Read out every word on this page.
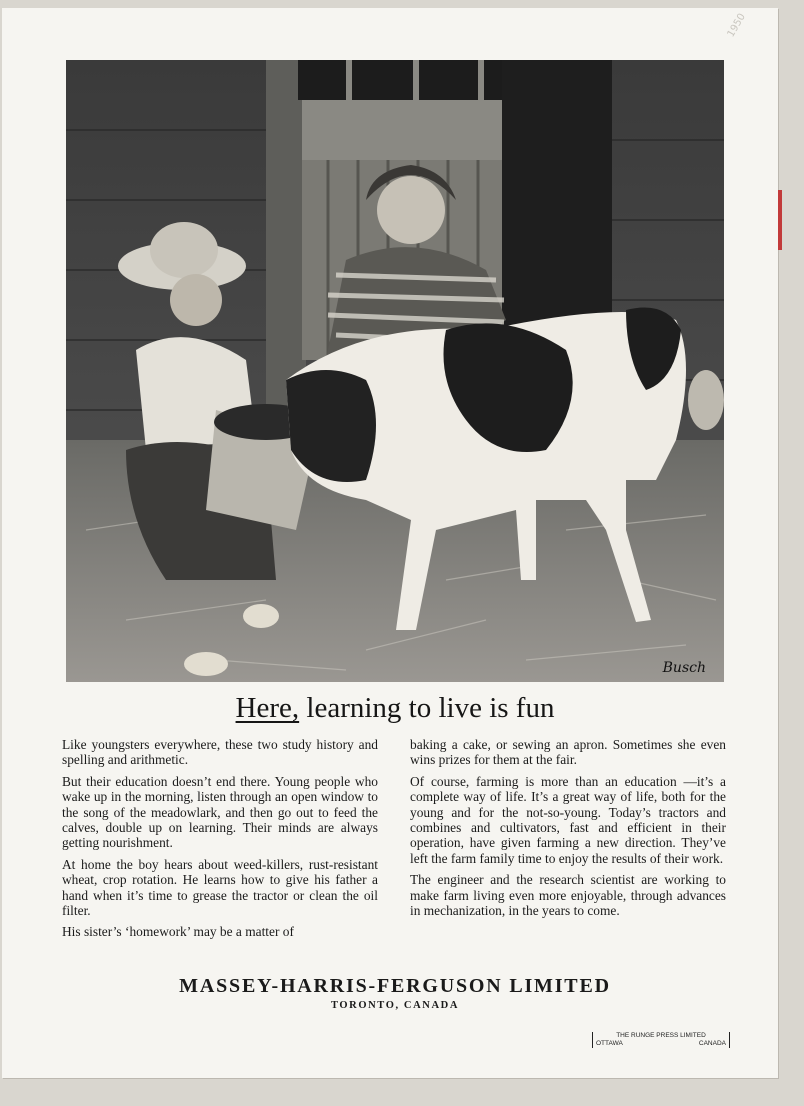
1950
Busch
Here, learning to live is fun

Like youngsters everywhere, these two study history and spelling and arithmetic.

But their education doesn’t end there. Young people who wake up in the morning, listen through an open window to the song of the meadowlark, and then go out to feed the calves, double up on learning. Their minds are always getting nourishment.

At home the boy hears about weed-killers, rust-resistant wheat, crop rotation. He learns how to give his father a hand when it’s time to grease the tractor or clean the oil filter.

His sister’s ‘homework’ may be a matter of

baking a cake, or sewing an apron. Sometimes she even wins prizes for them at the fair.

Of course, farming is more than an education —it’s a complete way of life. It’s a great way of life, both for the young and for the not-so-young. Today’s tractors and combines and cultivators, fast and efficient in their operation, have given farming a new direction. They’ve left the farm family time to enjoy the results of their work.

The engineer and the research scientist are working to make farm living even more enjoyable, through advances in mechanization, in the years to come.

MASSEY-HARRIS-FERGUSON LIMITED
TORONTO, CANADA
THE RUNGE PRESS LIMITED
OTTAWA	CANADA
